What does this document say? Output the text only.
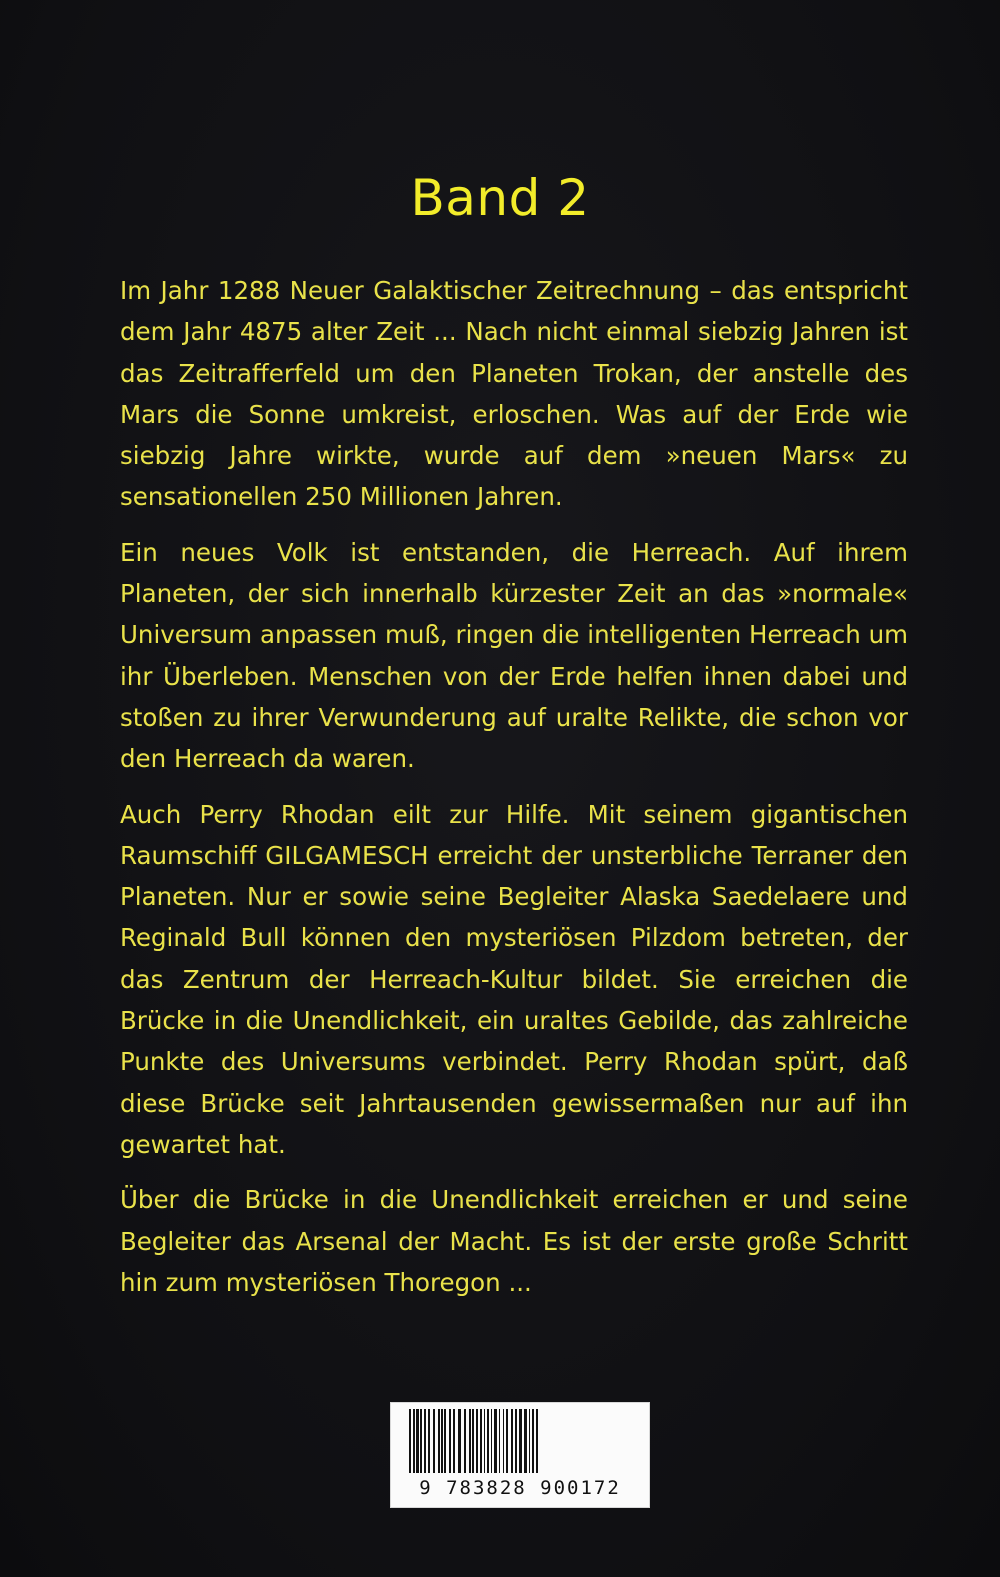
Band 2

Im Jahr 1288 Neuer Galaktischer Zeitrechnung – das entspricht dem Jahr 4875 alter Zeit ... Nach nicht einmal siebzig Jahren ist das Zeitrafferfeld um den Planeten Trokan, der anstelle des Mars die Sonne umkreist, erloschen. Was auf der Erde wie siebzig Jahre wirkte, wurde auf dem »neuen Mars« zu sensationellen 250 Millionen Jahren.

Ein neues Volk ist entstanden, die Herreach. Auf ihrem Planeten, der sich innerhalb kürzester Zeit an das »normale« Universum anpassen muß, ringen die intelligenten Herreach um ihr Überleben. Menschen von der Erde helfen ihnen dabei und stoßen zu ihrer Verwunderung auf uralte Relikte, die schon vor den Herreach da waren.

Auch Perry Rhodan eilt zur Hilfe. Mit seinem gigantischen Raumschiff GILGAMESCH erreicht der unsterbliche Terraner den Planeten. Nur er sowie seine Begleiter Alaska Saedelaere und Reginald Bull können den mysteriösen Pilzdom betreten, der das Zentrum der Herreach-Kultur bildet. Sie erreichen die Brücke in die Unendlichkeit, ein uraltes Gebilde, das zahlreiche Punkte des Universums verbindet. Perry Rhodan spürt, daß diese Brücke seit Jahrtausenden gewissermaßen nur auf ihn gewartet hat.

Über die Brücke in die Unendlichkeit erreichen er und seine Begleiter das Arsenal der Macht. Es ist der erste große Schritt hin zum mysteriösen Thoregon ...

9 783828 900172
